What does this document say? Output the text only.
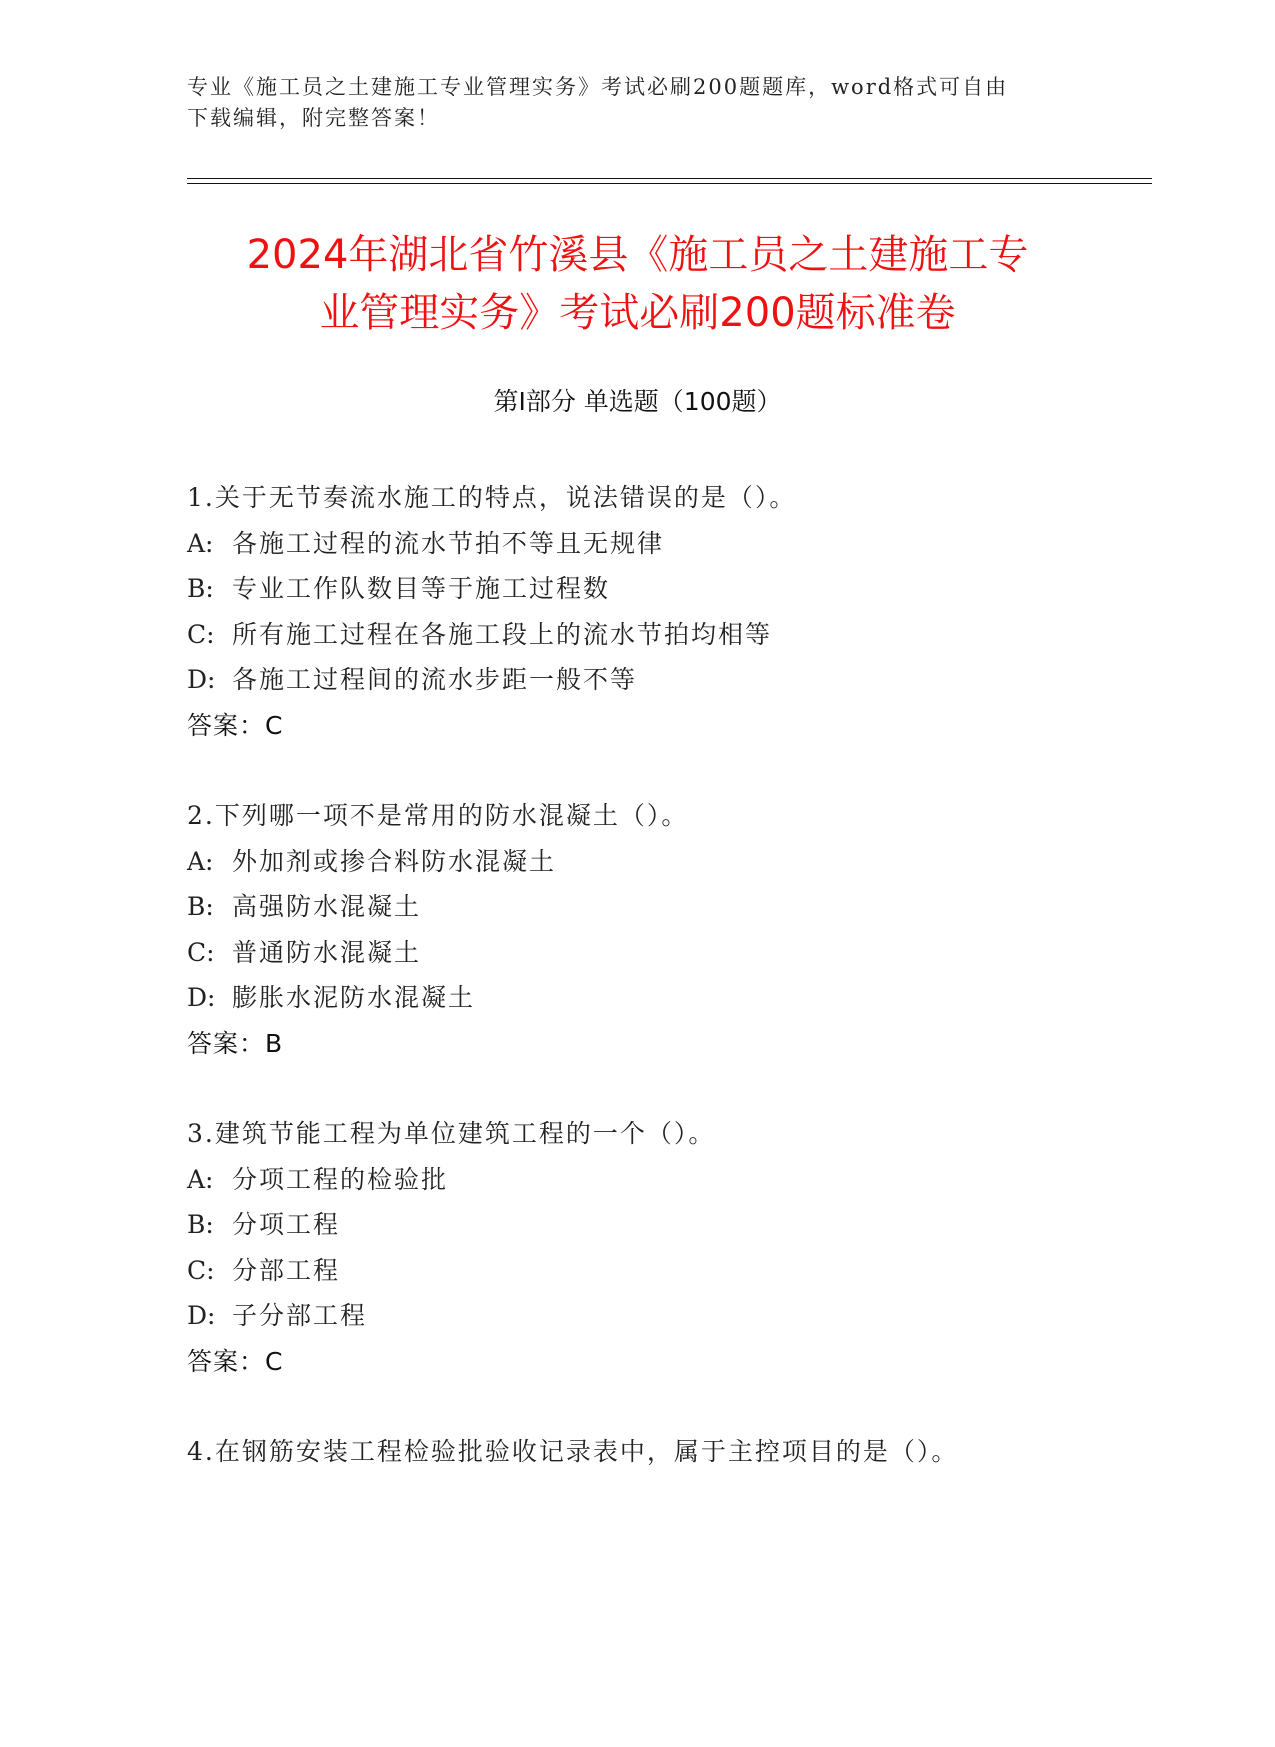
专业《施工员之土建施工专业管理实务》考试必刷200题题库，word格式可自由
下载编辑，附完整答案！
2024年湖北省竹溪县《施工员之土建施工专
业管理实务》考试必刷200题标准卷
第Ⅰ部分 单选题（100题）
1.关于无节奏流水施工的特点，说法错误的是（）。
A: 各施工过程的流水节拍不等且无规律
B: 专业工作队数目等于施工过程数
C: 所有施工过程在各施工段上的流水节拍均相等
D: 各施工过程间的流水步距一般不等
答案：C
2.下列哪一项不是常用的防水混凝土（）。
A: 外加剂或掺合料防水混凝土
B: 高强防水混凝土
C: 普通防水混凝土
D: 膨胀水泥防水混凝土
答案：B
3.建筑节能工程为单位建筑工程的一个（）。
A: 分项工程的检验批
B: 分项工程
C: 分部工程
D: 子分部工程
答案：C
4.在钢筋安装工程检验批验收记录表中，属于主控项目的是（）。
